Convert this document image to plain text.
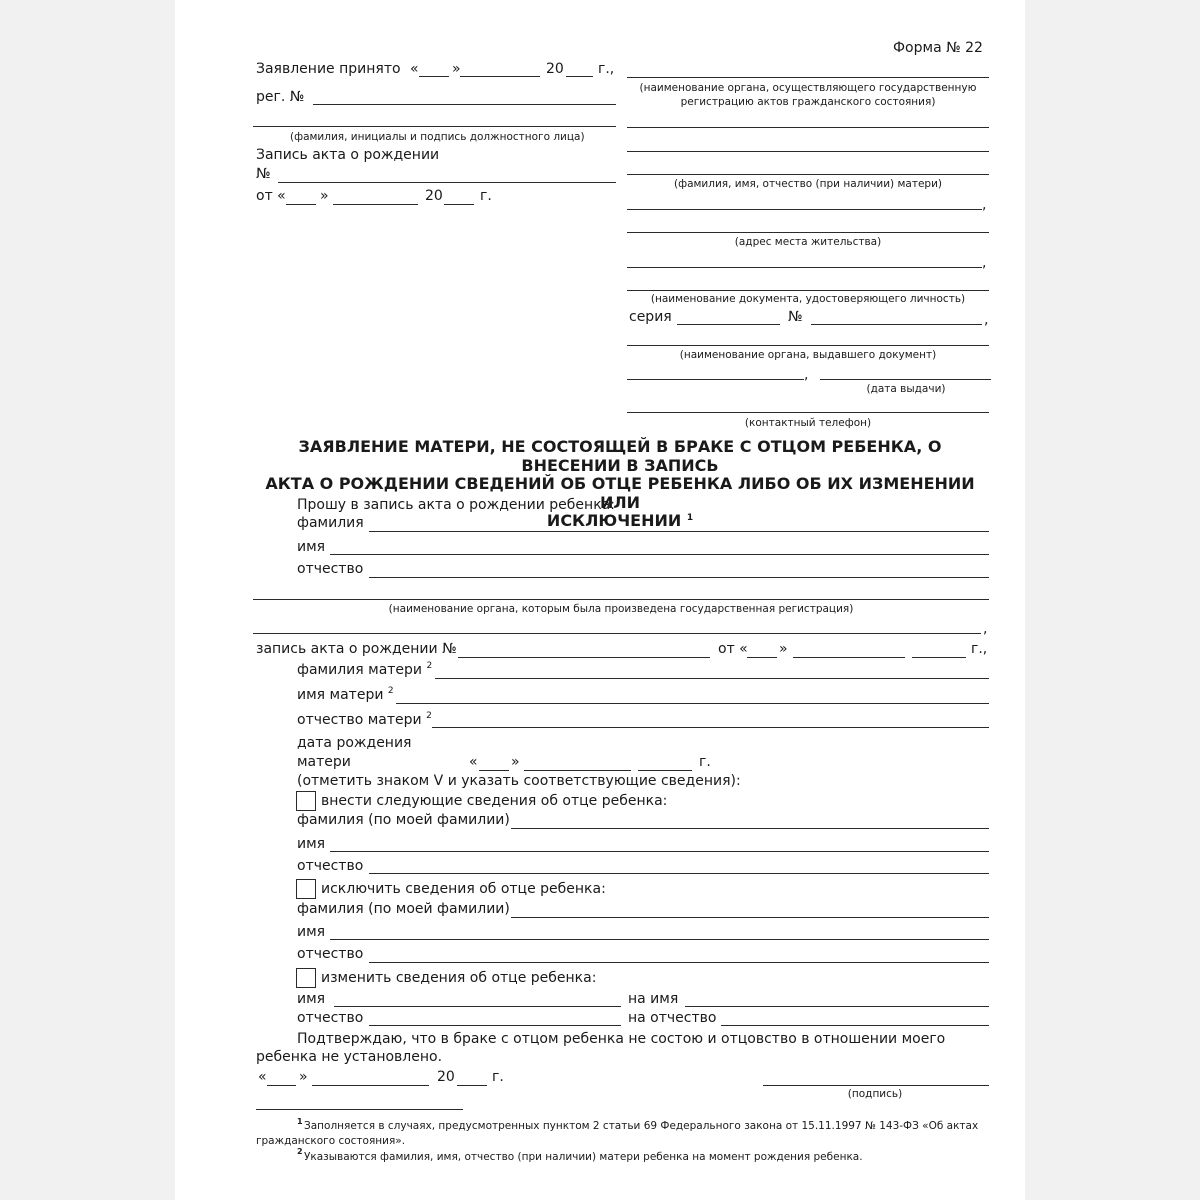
Форма № 22
Заявление принято « »	20 г.,
рег. №
(фамилия, инициалы и подпись должностного лица)
Запись акта о рождении
№
от « »	20	г.
(наименование органа, осуществляющего государственную
регистрацию актов гражданского состояния)
(фамилия, имя, отчество (при наличии) матери)
,
(адрес места жительства)
,
(наименование документа, удостоверяющего личность)
серия	№	,
(наименование органа, выдавшего документ)
,
(дата выдачи)
(контактный телефон)
ЗАЯВЛЕНИЕ МАТЕРИ, НЕ СОСТОЯЩЕЙ В БРАКЕ С ОТЦОМ РЕБЕНКА, О ВНЕСЕНИИ В ЗАПИСЬ
АКТА О РОЖДЕНИИ СВЕДЕНИЙ ОБ ОТЦЕ РЕБЕНКА ЛИБО ОБ ИХ ИЗМЕНЕНИИ ИЛИ
ИСКЛЮЧЕНИИ $^1$
Прошу в запись акта о рождении ребенка:
фамилия
имя
отчество
(наименование органа, которым была произведена государственная регистрация)
,
запись акта о рождении №	от « »	г.,
фамилия матери $^2$
имя матери $^2$
отчество матери $^2$
дата рождения
матери	« »	г.
(отметить знаком V и указать соответствующие сведения):
внести следующие сведения об отце ребенка:
фамилия (по моей фамилии)
имя
отчество
исключить сведения об отце ребенка:
фамилия (по моей фамилии)
имя
отчество
изменить сведения об отце ребенка:
имя	на имя
отчество	на отчество
Подтверждаю, что в браке с отцом ребенка не состою и отцовство в отношении моего
ребенка не установлено.
« »	20	г.
(подпись)
1 Заполняется в случаях, предусмотренных пунктом 2 статьи 69 Федерального закона от 15.11.1997 № 143-ФЗ «Об актах
гражданского состояния».
2 Указываются фамилия, имя, отчество (при наличии) матери ребенка на момент рождения ребенка.
